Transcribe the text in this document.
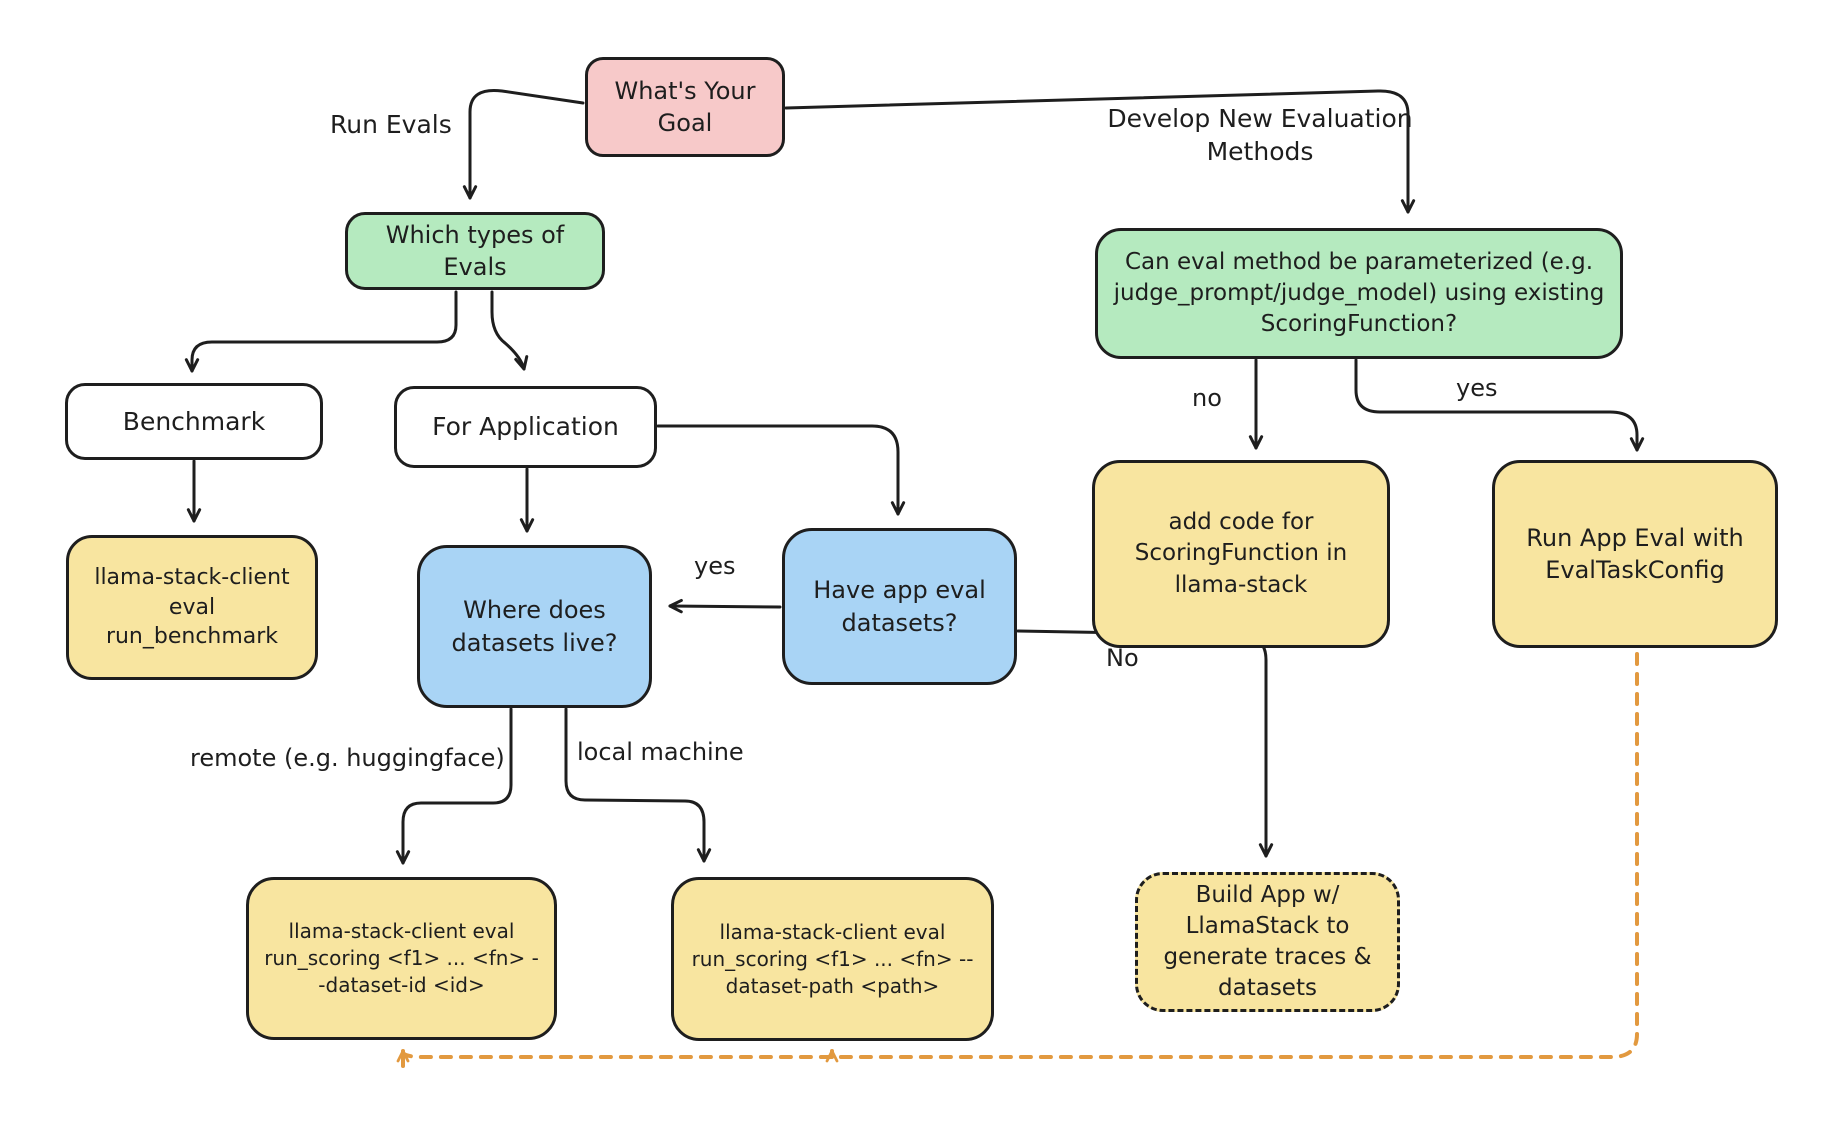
What's Your Goal
Which types of Evals	Can eval method be parameterized (e.g. judge_prompt/judge_model) using existing ScoringFunction?
Benchmark	For Application
llama-stack-client eval run_benchmark
Where does datasets live?
Have app eval datasets?
add code for ScoringFunction in llama-stack
Run App Eval with EvalTaskConfig
Build App w/ LlamaStack to generate traces & datasets
llama-stack-client eval run_scoring <f1> ... <fn> --dataset-id <id>
llama-stack-client eval run_scoring <f1> ... <fn> --dataset-path <path>
Run Evals	Develop New Evaluation Methods
no	yes
yes
No
remote (e.g. huggingface)	local machine
